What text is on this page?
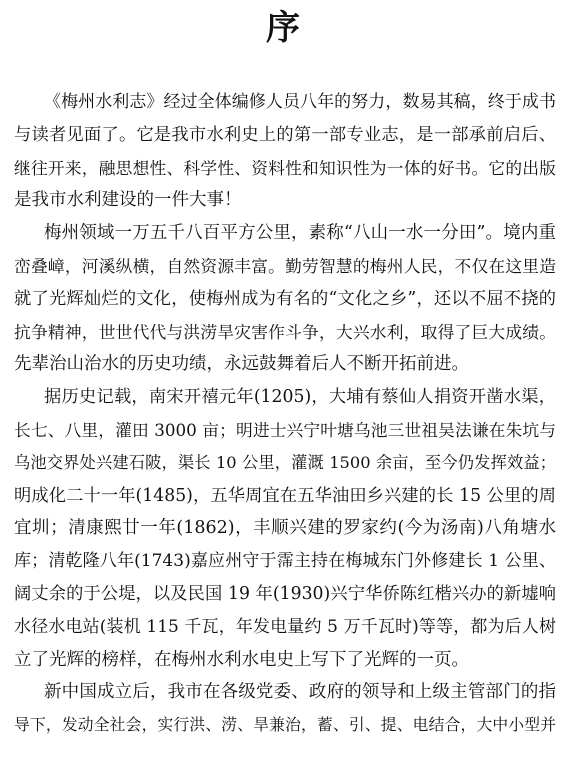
序
《梅州水利志》经过全体编修人员八年的努力，数易其稿，终于成书
与读者见面了。它是我市水利史上的第一部专业志，是一部承前启后、
继往开来，融思想性、科学性、资料性和知识性为一体的好书。它的出版
是我市水利建设的一件大事！
梅州领域一万五千八百平方公里，素称“八山一水一分田”。境内重
峦叠嶂，河溪纵横，自然资源丰富。勤劳智慧的梅州人民，不仅在这里造
就了光辉灿烂的文化，使梅州成为有名的“文化之乡”，还以不屈不挠的
抗争精神，世世代代与洪涝旱灾害作斗争，大兴水利，取得了巨大成绩。
先辈治山治水的历史功绩，永远鼓舞着后人不断开拓前进。
据历史记载，南宋开禧元年(1205)，大埔有蔡仙人捐资开凿水渠，
长七、八里，灌田 3000 亩；明进士兴宁叶塘乌池三世祖吴法谦在朱坑与
乌池交界处兴建石陂，渠长 10 公里，灌溉 1500 余亩，至今仍发挥效益；
明成化二十一年(1485)，五华周宜在五华油田乡兴建的长 15 公里的周
宜圳；清康熙廿一年(1862)，丰顺兴建的罗家约(今为汤南)八角塘水
库；清乾隆八年(1743)嘉应州守于霈主持在梅城东门外修建长 1 公里、
阔丈余的于公堤，以及民国 19 年(1930)兴宁华侨陈红楷兴办的新墟响
水径水电站(装机 115 千瓦，年发电量约 5 万千瓦时)等等，都为后人树
立了光辉的榜样，在梅州水利水电史上写下了光辉的一页。
新中国成立后，我市在各级党委、政府的领导和上级主管部门的指
导下，发动全社会，实行洪、涝、旱兼治，蓄、引、提、电结合，大中小型并
